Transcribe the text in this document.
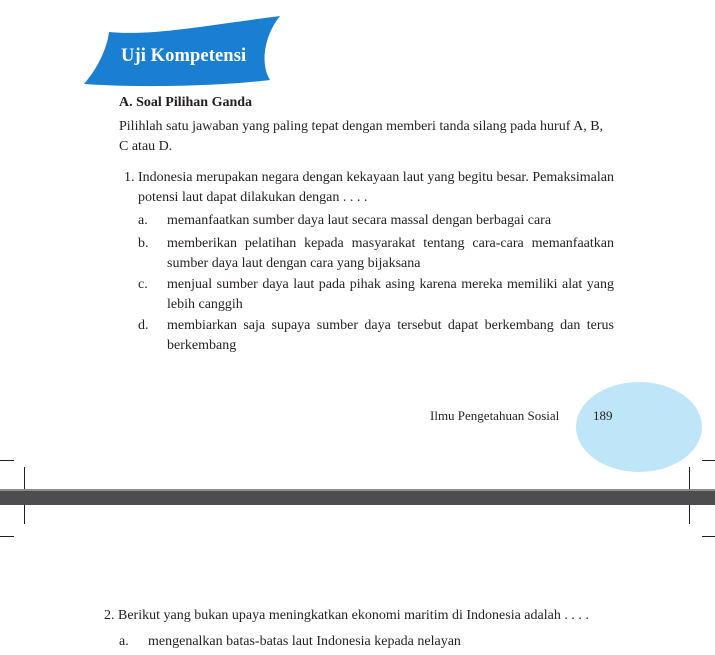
Uji Kompetensi
A. Soal Pilihan Ganda
Pilihlah satu jawaban yang paling tepat dengan memberi tanda silang pada huruf A, B, C atau D.
1. Indonesia merupakan negara dengan kekayaan laut yang begitu besar. Pemaksimalan potensi laut dapat dilakukan dengan . . . .
a.	memanfaatkan sumber daya laut secara massal dengan berbagai cara
b.	memberikan pelatihan kepada masyarakat tentang cara-cara memanfaatkan sumber daya laut dengan cara yang bijaksana
c.	menjual sumber daya laut pada pihak asing karena mereka memiliki alat yang lebih canggih
d.	membiarkan saja supaya sumber daya tersebut dapat berkembang dan terus berkembang
Ilmu Pengetahuan Sosial	189
2. Berikut yang bukan upaya meningkatkan ekonomi maritim di Indonesia adalah . . . .
a. mengenalkan batas-batas laut Indonesia kepada nelayan
